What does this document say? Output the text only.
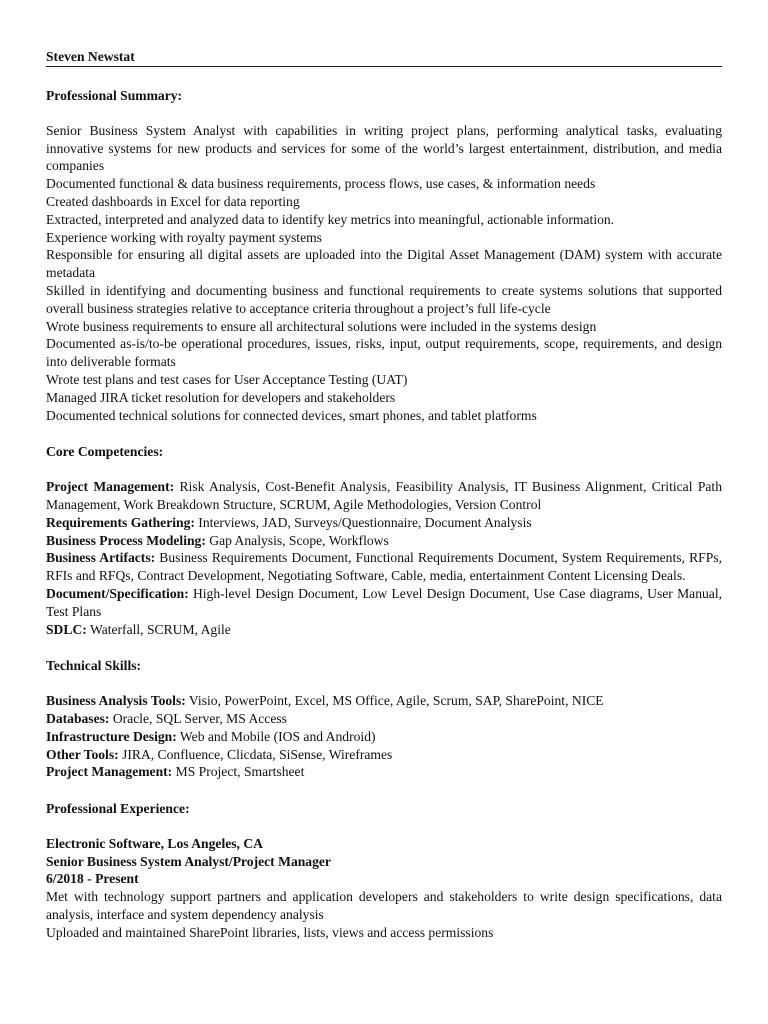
Steven Newstat
Professional Summary:

Senior Business System Analyst with capabilities in writing project plans, performing analytical tasks, evaluating innovative systems for new products and services for some of the world’s largest entertainment, distribution, and media companies

Documented functional & data business requirements, process flows, use cases, & information needs

Created dashboards in Excel for data reporting

Extracted, interpreted and analyzed data to identify key metrics into meaningful, actionable information.

Experience working with royalty payment systems

Responsible for ensuring all digital assets are uploaded into the Digital Asset Management (DAM) system with accurate metadata

Skilled in identifying and documenting business and functional requirements to create systems solutions that supported overall business strategies relative to acceptance criteria throughout a project’s full life-cycle

Wrote business requirements to ensure all architectural solutions were included in the systems design

Documented as-is/to-be operational procedures, issues, risks, input, output requirements, scope, requirements, and design into deliverable formats

Wrote test plans and test cases for User Acceptance Testing (UAT)

Managed JIRA ticket resolution for developers and stakeholders

Documented technical solutions for connected devices, smart phones, and tablet platforms

Core Competencies:

Project Management: Risk Analysis, Cost-Benefit Analysis, Feasibility Analysis, IT Business Alignment, Critical Path Management, Work Breakdown Structure, SCRUM, Agile Methodologies, Version Control

Requirements Gathering: Interviews, JAD, Surveys/Questionnaire, Document Analysis

Business Process Modeling: Gap Analysis, Scope, Workflows

Business Artifacts: Business Requirements Document, Functional Requirements Document, System Requirements, RFPs, RFIs and RFQs, Contract Development, Negotiating Software, Cable, media, entertainment Content Licensing Deals.

Document/Specification: High-level Design Document, Low Level Design Document, Use Case diagrams, User Manual, Test Plans

SDLC: Waterfall, SCRUM, Agile

Technical Skills:

Business Analysis Tools: Visio, PowerPoint, Excel, MS Office, Agile, Scrum, SAP, SharePoint, NICE

Databases: Oracle, SQL Server, MS Access

Infrastructure Design: Web and Mobile (IOS and Android)

Other Tools: JIRA, Confluence, Clicdata, SiSense, Wireframes

Project Management: MS Project, Smartsheet

Professional Experience:

Electronic Software, Los Angeles, CA

Senior Business System Analyst/Project Manager

6/2018 - Present

Met with technology support partners and application developers and stakeholders to write design specifications, data analysis, interface and system dependency analysis

Uploaded and maintained SharePoint libraries, lists, views and access permissions
